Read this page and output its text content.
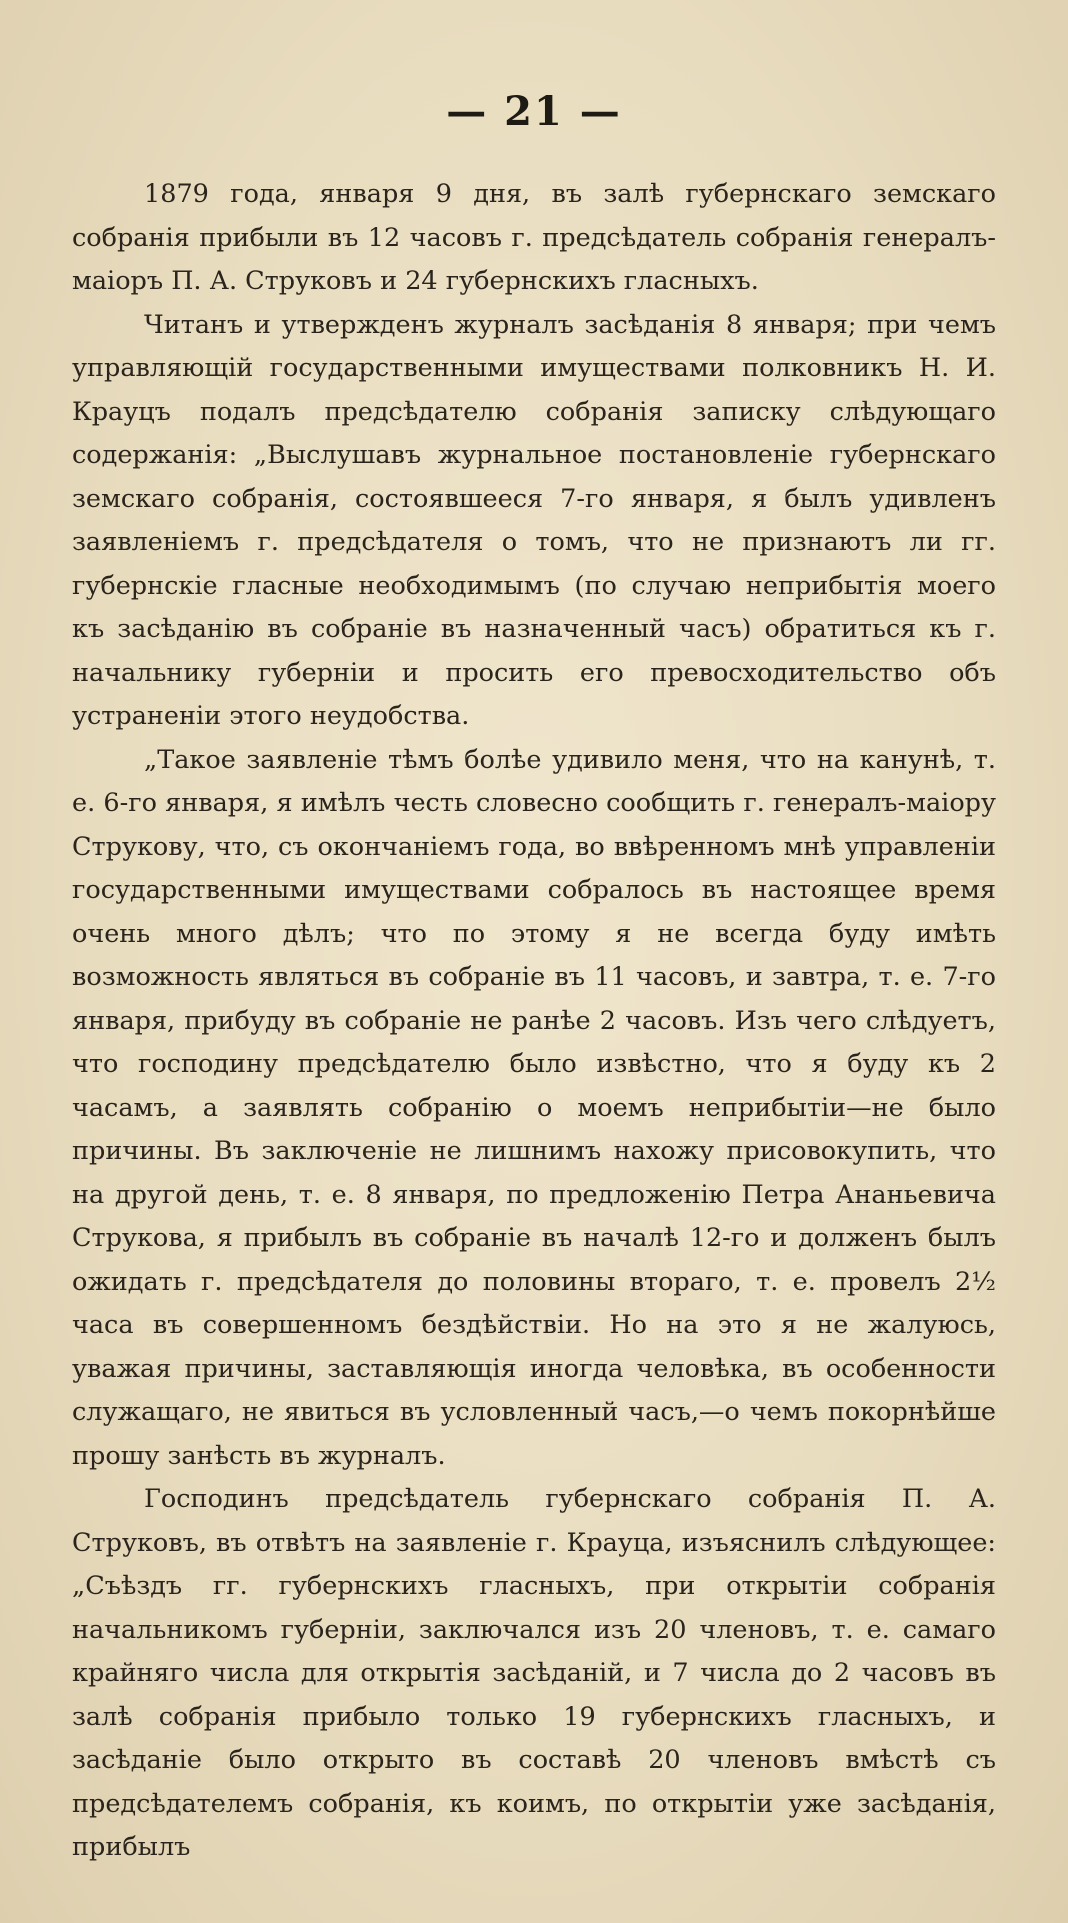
— 21 —

1879 года, января 9 дня, въ залѣ губернскаго земскаго собранія прибыли въ 12 часовъ г. предсѣдатель собранія генералъ-маіоръ П. А. Струковъ и 24 губернскихъ гласныхъ.

Читанъ и утвержденъ журналъ засѣданія 8 января; при чемъ управляющій государственными имуществами полковникъ Н. И. Крауцъ подалъ предсѣдателю собранія записку слѣдующаго содержанія: „Выслушавъ журнальное постановленіе губернскаго земскаго собранія, состоявшееся 7-го января, я былъ удивленъ заявленіемъ г. предсѣдателя о томъ, что не признаютъ ли гг. губернскіе гласные необходимымъ (по случаю неприбытія моего къ засѣданію въ собраніе въ назначенный часъ) обратиться къ г. начальнику губерніи и просить его превосходительство объ устраненіи этого неудобства.

„Такое заявленіе тѣмъ болѣе удивило меня, что на канунѣ, т. е. 6-го января, я имѣлъ честь словесно сообщить г. генералъ-маіору Струкову, что, съ окончаніемъ года, во ввѣренномъ мнѣ управленіи государственными имуществами собралось въ настоящее время очень много дѣлъ; что по этому я не всегда буду имѣть возможность являться въ собраніе въ 11 часовъ, и завтра, т. е. 7-го января, прибуду въ собраніе не ранѣе 2 часовъ. Изъ чего слѣдуетъ, что господину предсѣдателю было извѣстно, что я буду къ 2 часамъ, а заявлять собранію о моемъ неприбытіи—не было причины. Въ заключеніе не лишнимъ нахожу присовокупить, что на другой день, т. е. 8 января, по предложенію Петра Ананьевича Струкова, я прибылъ въ собраніе въ началѣ 12-го и долженъ былъ ожидать г. предсѣдателя до половины втораго, т. е. провелъ 2½ часа въ совершенномъ бездѣйствіи. Но на это я не жалуюсь, уважая причины, заставляющія иногда человѣка, въ особенности служащаго, не явиться въ условленный часъ,—о чемъ покорнѣйше прошу занѣсть въ журналъ.

Господинъ предсѣдатель губернскаго собранія П. А. Струковъ, въ отвѣтъ на заявленіе г. Крауца, изъяснилъ слѣдующее: „Съѣздъ гг. губернскихъ гласныхъ, при открытіи собранія начальникомъ губерніи, заключался изъ 20 членовъ, т. е. самаго крайняго числа для открытія засѣданій, и 7 числа до 2 часовъ въ залѣ собранія прибыло только 19 губернскихъ гласныхъ, и засѣданіе было открыто въ составѣ 20 членовъ вмѣстѣ съ предсѣдателемъ собранія, къ коимъ, по открытіи уже засѣданія, прибылъ
